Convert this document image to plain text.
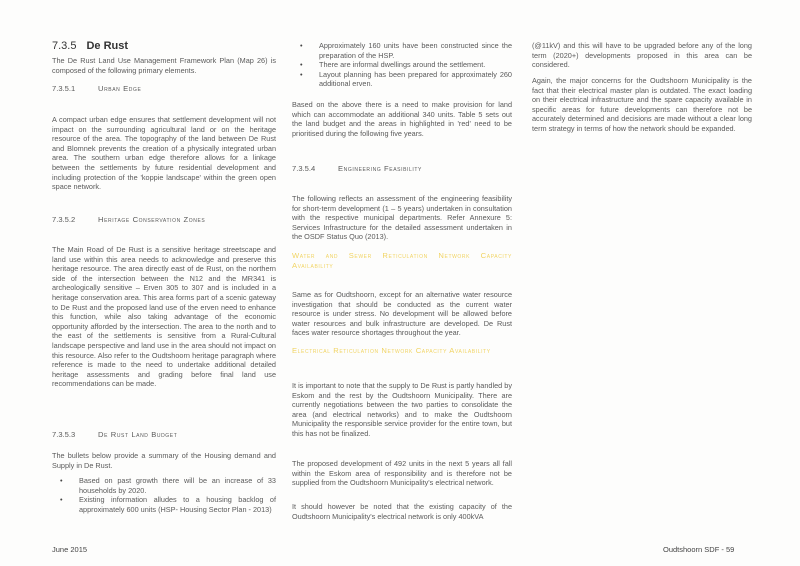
7.3.5 De Rust

The De Rust Land Use Management Framework Plan (Map 26) is composed of the following primary elements.

7.3.5.1	Urban Edge

A compact urban edge ensures that settlement development will not impact on the surrounding agricultural land or on the heritage resource of the area. The topography of the land between De Rust and Blomnek prevents the creation of a physically integrated urban area. The southern urban edge therefore allows for a linkage between the settlements by future residential development and including protection of the 'koppie landscape' within the green open space network.

7.3.5.2	Heritage Conservation Zones

The Main Road of De Rust is a sensitive heritage streetscape and land use within this area needs to acknowledge and preserve this heritage resource. The area directly east of de Rust, on the northern side of the intersection between the N12 and the MR341 is archeologically sensitive – Erven 305 to 307 and is included in a heritage conservation area. This area forms part of a scenic gateway to De Rust and the proposed land use of the erven need to enhance this function, while also taking advantage of the economic opportunity afforded by the intersection. The area to the north and to the east of the settlements is sensitive from a Rural-Cultural landscape perspective and land use in the area should not impact on this resource. Also refer to the Oudtshoorn heritage paragraph where reference is made to the need to undertake additional detailed heritage assessments and grading before final land use recommendations can be made.

7.3.5.3	De Rust Land Budget

The bullets below provide a summary of the Housing demand and Supply in De Rust.

• Based on past growth there will be an increase of 33 households by 2020.
• Existing information alludes to a housing backlog of approximately 600 units (HSP- Housing Sector Plan - 2013)
• Approximately 160 units have been constructed since the preparation of the HSP.
• There are informal dwellings around the settlement.
• Layout planning has been prepared for approximately 260 additional erven.

Based on the above there is a need to make provision for land which can accommodate an additional 340 units. Table 5 sets out the land budget and the areas in highlighted in 'red' need to be prioritised during the following five years.

7.3.5.4	Engineering Feasibility

The following reflects an assessment of the engineering feasibility for short-term development (1 – 5 years) undertaken in consultation with the respective municipal departments. Refer Annexure 5: Services Infrastructure for the detailed assessment undertaken in the OSDF Status Quo (2013).

Water and Sewer Reticulation Network Capacity Availability

Same as for Oudtshoorn, except for an alternative water resource investigation that should be conducted as the current water resource is under stress. No development will be allowed before water resources and bulk infrastructure are developed. De Rust faces water resource shortages throughout the year.

Electrical Reticulation Network Capacity Availability

It is important to note that the supply to De Rust is partly handled by Eskom and the rest by the Oudtshoorn Municipality. There are currently negotiations between the two parties to consolidate the area (and electrical networks) and to make the Oudtshoorn Municipality the responsible service provider for the entire town, but this has not be finalized.

The proposed development of 492 units in the next 5 years all fall within the Eskom area of responsibility and is therefore not be supplied from the Oudtshoorn Municipality's electrical network.

It should however be noted that the existing capacity of the Oudtshoorn Municipality's electrical network is only 400kVA

(@11kV) and this will have to be upgraded before any of the long term (2020+) developments proposed in this area can be considered.

Again, the major concerns for the Oudtshoorn Municipality is the fact that their electrical master plan is outdated. The exact loading on their electrical infrastructure and the spare capacity available in specific areas for future developments can therefore not be accurately determined and decisions are made without a clear long term strategy in terms of how the network should be expanded.

June 2015	Oudtshoorn SDF - 59
